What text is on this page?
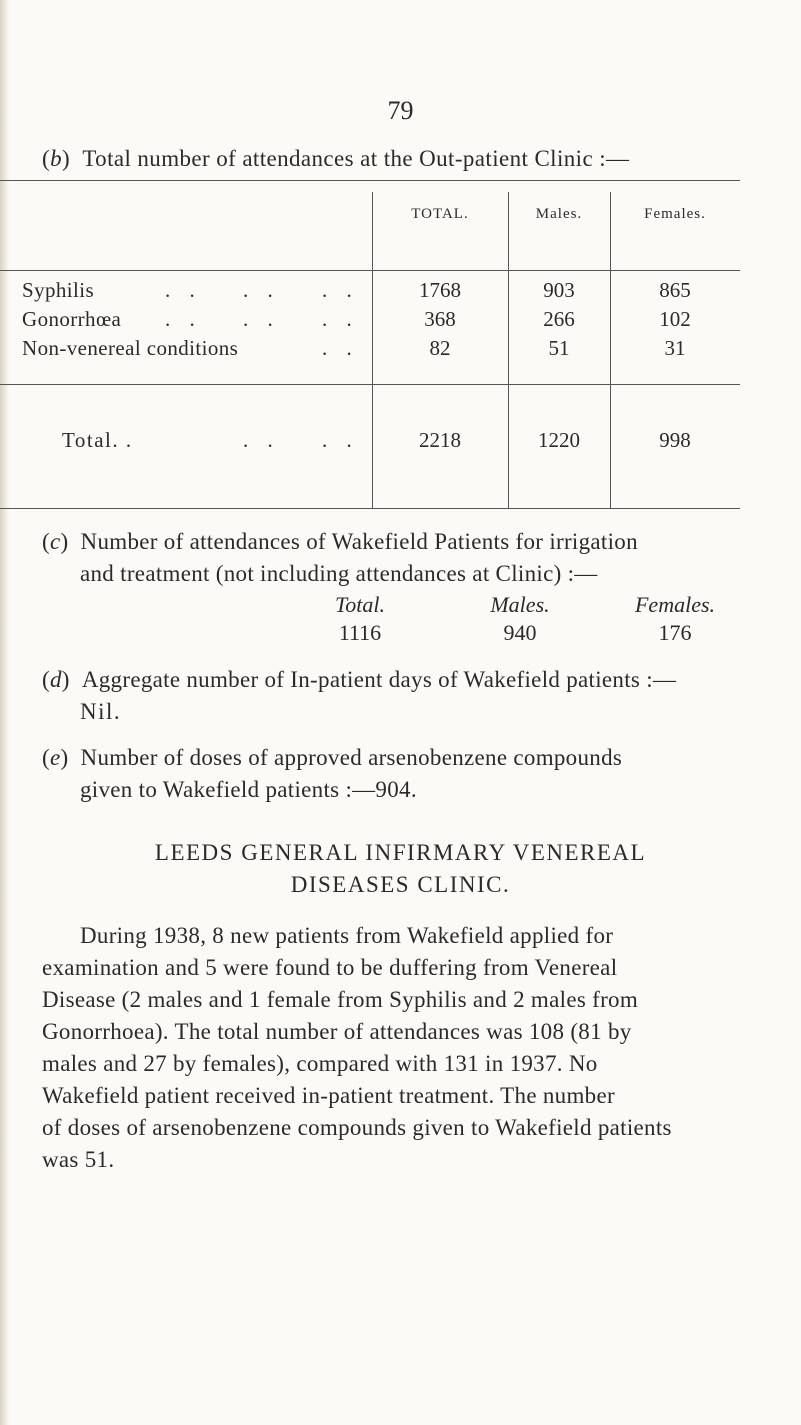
79
(b)  Total number of attendances at the Out-patient Clinic :—
TOTAL.	Males.	Females.
Syphilis	. . . . . .	1768	903	865
Gonorrhœa . . . . . .	368	266	102
Non-venereal conditions	. .	82	51	31
Total. .	. . . .	2218	1220	998
(c)  Number of attendances of Wakefield Patients for irrigation
and treatment (not including attendances at Clinic) :—
Total.	Males.	Females.
1116	940	176
(d)  Aggregate number of In-patient days of Wakefield patients :—
Nil.
(e)  Number of doses of approved arsenobenzene compounds
given to Wakefield patients :—904.
LEEDS GENERAL INFIRMARY VENEREAL
DISEASES CLINIC.
During 1938, 8 new patients from Wakefield applied for
examination and 5 were found to be duffering from Venereal
Disease (2 males and 1 female from Syphilis and 2 males from
Gonorrhoea). The total number of attendances was 108 (81 by
males and 27 by females), compared with 131 in 1937. No
Wakefield patient received in-patient treatment. The number
of doses of arsenobenzene compounds given to Wakefield patients
was 51.
